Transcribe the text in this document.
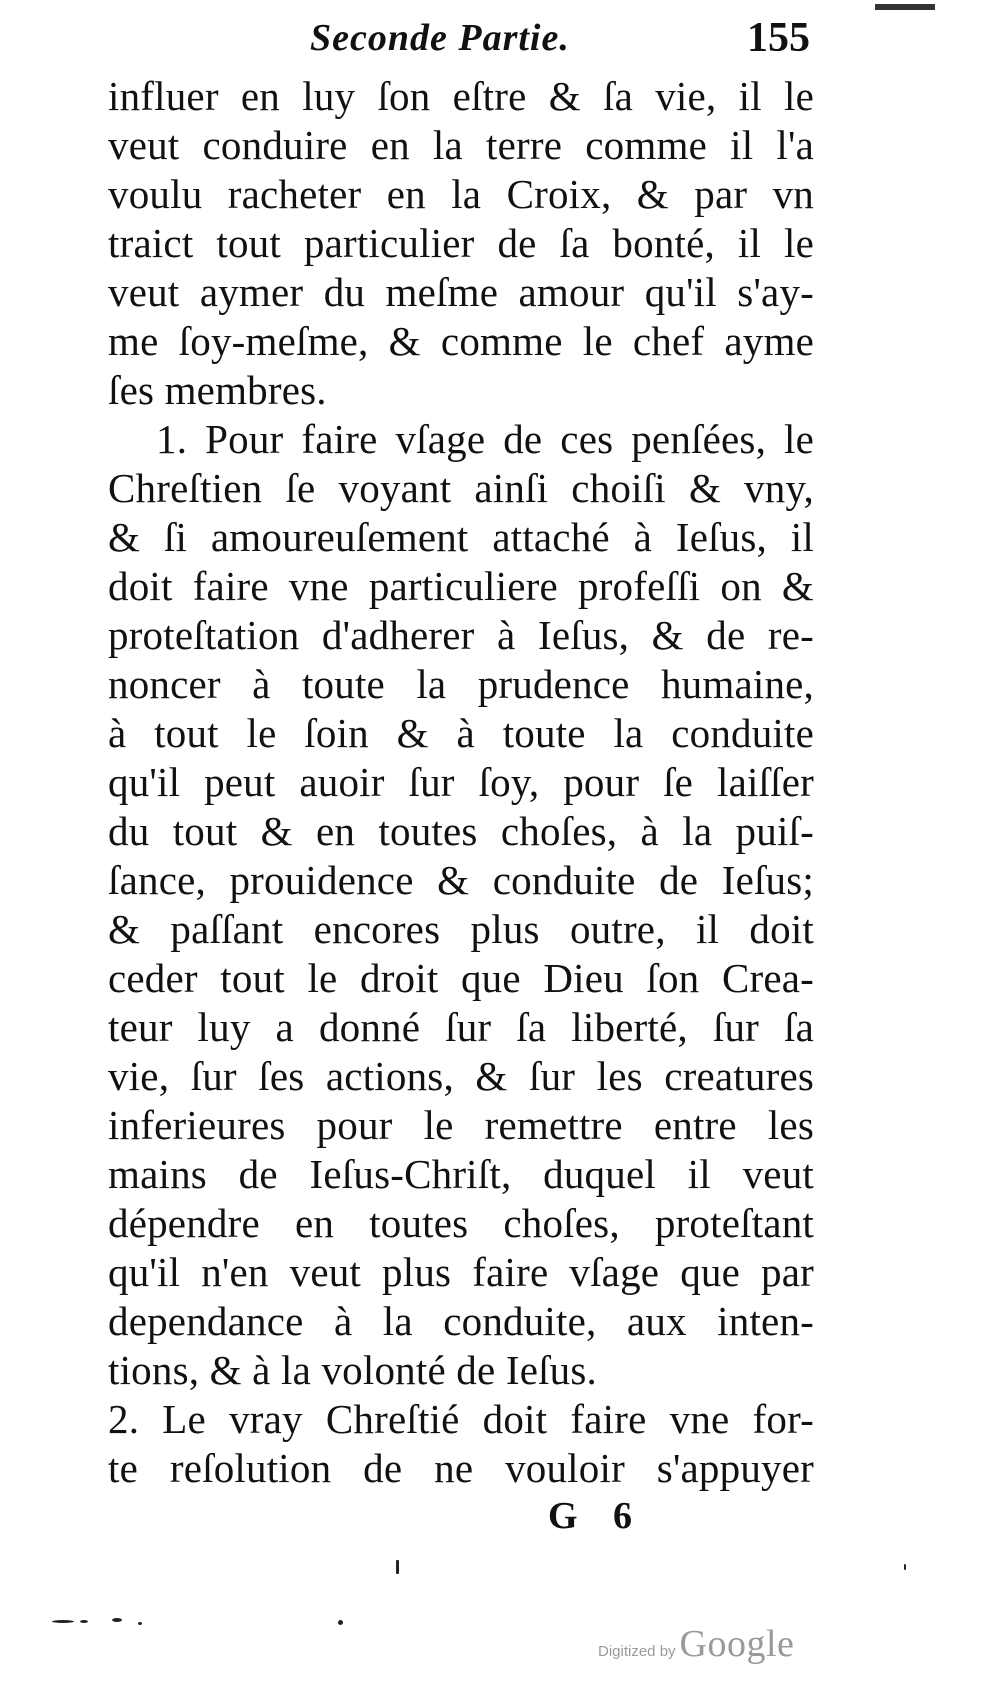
Seconde Partie.	155
influer en luy ſon eſtre & ſa vie, il le
veut conduire en la terre comme il l'a
voulu racheter en la Croix, & par vn
traict tout particulier de ſa bonté, il le
veut aymer du meſme amour qu'il s'ay-
me ſoy-meſme, & comme le chef ayme
ſes membres.
1. Pour faire vſage de ces penſées, le
Chreſtien ſe voyant ainſi choiſi & vny,
& ſi amoureuſement attaché à Ieſus, il
doit faire vne particuliere profeſſi on &
proteſtation d'adherer à Ieſus, & de re-
noncer à toute la prudence humaine,
à tout le ſoin & à toute la conduite
qu'il peut auoir ſur ſoy, pour ſe laiſſer
du tout & en toutes choſes, à la puiſ-
ſance, prouidence & conduite de Ieſus;
& paſſant encores plus outre, il doit
ceder tout le droit que Dieu ſon Crea-
teur luy a donné ſur ſa liberté, ſur ſa
vie, ſur ſes actions, & ſur les creatures
inferieures pour le remettre entre les
mains de Ieſus-Chriſt, duquel il veut
dépendre en toutes choſes, proteſtant
qu'il n'en veut plus faire vſage que par
dependance à la conduite, aux inten-
tions, & à la volonté de Ieſus.
2. Le vray Chreſtié doit faire vne for-
te reſolution de ne vouloir s'appuyer
G 6
Digitized by Google
